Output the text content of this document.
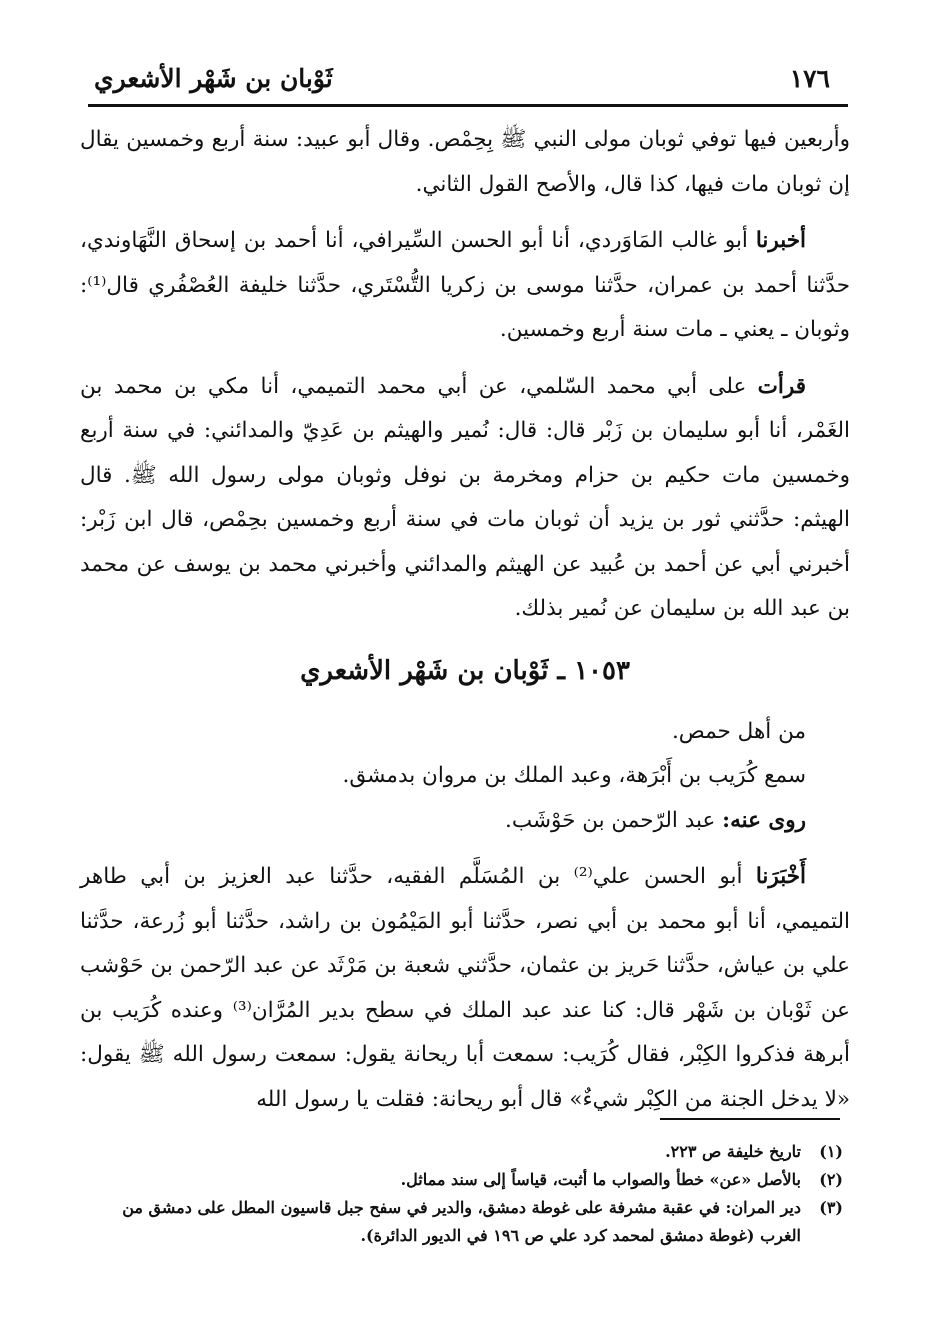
١٧٦
ثَوْبان بن شَهْر الأشعري

وأربعين فيها توفي ثوبان مولى النبي ﷺ بِحِمْص. وقال أبو عبيد: سنة أربع وخمسين يقال إن ثوبان مات فيها، كذا قال، والأصح القول الثاني.

أخبرنا أبو غالب المَاوَردي، أنا أبو الحسن السِّيرافي، أنا أحمد بن إسحاق النَّهَاوندي، حدَّثنا أحمد بن عمران، حدَّثنا موسى بن زكريا التُّسْتَري، حدَّثنا خليفة العُصْفُري قال⁽¹⁾: وثوبان ـ يعني ـ مات سنة أربع وخمسين.

قرأت على أبي محمد السّلمي، عن أبي محمد التميمي، أنا مكي بن محمد بن الغَمْر، أنا أبو سليمان بن زَبْر قال: قال: نُمير والهيثم بن عَدِيّ والمدائني: في سنة أربع وخمسين مات حكيم بن حزام ومخرمة بن نوفل وثوبان مولى رسول الله ﷺ. قال الهيثم: حدَّثني ثور بن يزيد أن ثوبان مات في سنة أربع وخمسين بحِمْص، قال ابن زَبْر: أخبرني أبي عن أحمد بن عُبيد عن الهيثم والمدائني وأخبرني محمد بن يوسف عن محمد بن عبد الله بن سليمان عن نُمير بذلك.

١٠٥٣ ـ ثَوْبان بن شَهْر الأشعري

من أهل حمص.

سمع كُرَيب بن أَبْرَهة، وعبد الملك بن مروان بدمشق.

روى عنه: عبد الرّحمن بن حَوْشَب.

أَخْبَرَنا أبو الحسن علي⁽²⁾ بن المُسَلَّم الفقيه، حدَّثنا عبد العزيز بن أبي طاهر التميمي، أنا أبو محمد بن أبي نصر، حدَّثنا أبو المَيْمُون بن راشد، حدَّثنا أبو زُرعة، حدَّثنا علي بن عياش، حدَّثنا حَريز بن عثمان، حدَّثني شعبة بن مَرْثَد عن عبد الرّحمن بن حَوْشب عن ثَوْبان بن شَهْر قال: كنا عند عبد الملك في سطح بدير المُرَّان⁽³⁾ وعنده كُرَيب بن أبرهة فذكروا الكِبْر، فقال كُرَيب: سمعت أبا ريحانة يقول: سمعت رسول الله ﷺ يقول: «لا يدخل الجنة من الكِبْر شيءٌ» قال أبو ريحانة: فقلت يا رسول الله

(١)
تاريخ خليفة ص ٢٢٣.
(٢)
بالأصل «عن» خطأ والصواب ما أثبت، قياساً إلى سند مماثل.
(٣)
دير المران: في عقبة مشرفة على غوطة دمشق، والدير في سفح جبل قاسيون المطل على دمشق من الغرب (غوطة دمشق لمحمد كرد علي ص ١٩٦ في الديور الدائرة).
